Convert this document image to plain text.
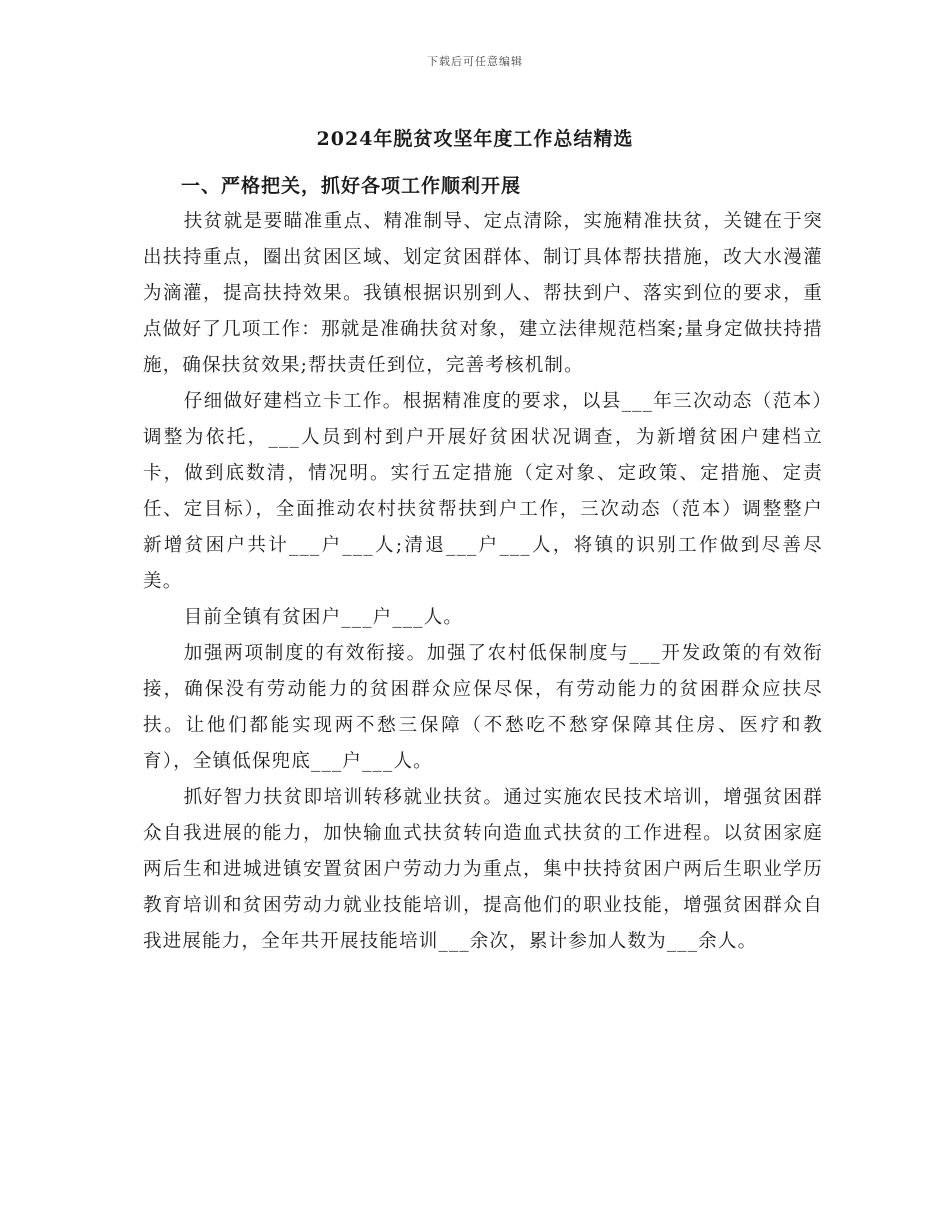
下载后可任意编辑
2024年脱贫攻坚年度工作总结精选

一、严格把关，抓好各项工作顺利开展

扶贫就是要瞄准重点、精准制导、定点清除，实施精准扶贫，关键在于突出扶持重点，圈出贫困区域、划定贫困群体、制订具体帮扶措施，改大水漫灌为滴灌，提高扶持效果。我镇根据识别到人、帮扶到户、落实到位的要求，重点做好了几项工作：那就是准确扶贫对象，建立法律规范档案;量身定做扶持措施，确保扶贫效果;帮扶责任到位，完善考核机制。

仔细做好建档立卡工作。根据精准度的要求，以县___年三次动态（范本）调整为依托，___人员到村到户开展好贫困状况调查，为新增贫困户建档立卡，做到底数清，情况明。实行五定措施（定对象、定政策、定措施、定责任、定目标），全面推动农村扶贫帮扶到户工作，三次动态（范本）调整整户新增贫困户共计___户___人;清退___户___人，将镇的识别工作做到尽善尽美。

目前全镇有贫困户___户___人。

加强两项制度的有效衔接。加强了农村低保制度与___开发政策的有效衔接，确保没有劳动能力的贫困群众应保尽保，有劳动能力的贫困群众应扶尽扶。让他们都能实现两不愁三保障（不愁吃不愁穿保障其住房、医疗和教育），全镇低保兜底___户___人。

抓好智力扶贫即培训转移就业扶贫。通过实施农民技术培训，增强贫困群众自我进展的能力，加快输血式扶贫转向造血式扶贫的工作进程。以贫困家庭两后生和进城进镇安置贫困户劳动力为重点，集中扶持贫困户两后生职业学历教育培训和贫困劳动力就业技能培训，提高他们的职业技能，增强贫困群众自我进展能力，全年共开展技能培训___余次，累计参加人数为___余人。
